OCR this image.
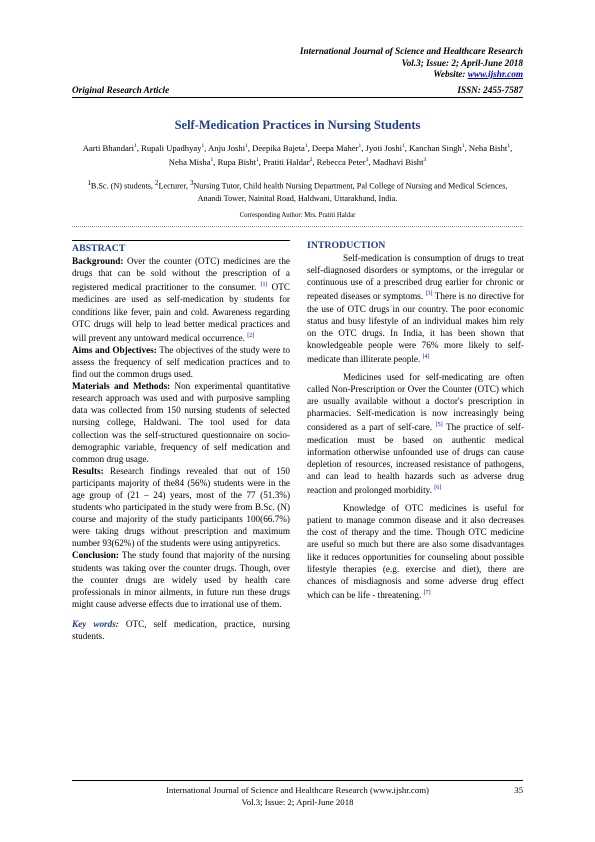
International Journal of Science and Healthcare Research
Vol.3; Issue: 2; April-June 2018
Website: www.ijshr.com
Original Research Article	ISSN: 2455-7587
Self-Medication Practices in Nursing Students
Aarti Bhandari$^1$, Rupali Upadhyay$^1$, Anju Joshi$^1$, Deepika Bajeta$^1$, Deepa Maher$^1$, Jyoti Joshi$^1$, Kanchan Singh$^1$, Neha Bisht$^1$, Neha Misha$^1$, Rupa Bisht$^1$, Pratiti Haldar$^2$, Rebecca Peter$^3$, Madhavi Bisht$^3$
$^1$B.Sc. (N) students, $^2$Lecturer, $^3$Nursing Tutor, Child health Nursing Department, Pal College of Nursing and Medical Sciences, Anandi Tower, Nainital Road, Haldwani, Uttarakhand, India.
Corresponding Author: Mrs. Pratiti Haldar

ABSTRACT

Background: Over the counter (OTC) medicines are the drugs that can be sold without the prescription of a registered medical practitioner to the consumer. [1] OTC medicines are used as self-medication by students for conditions like fever, pain and cold. Awareness regarding OTC drugs will help to lead better medical practices and will prevent any untoward medical occurrence. [2]

Aims and Objectives: The objectives of the study were to assess the frequency of self medication practices and to find out the common drugs used.

Materials and Methods: Non experimental quantitative research approach was used and with purposive sampling data was collected from 150 nursing students of selected nursing college, Haldwani. The tool used for data collection was the self-structured questionnaire on socio-demographic variable, frequency of self medication and common drug usage.

Results: Research findings revealed that out of 150 participants majority of the84 (56%) students were in the age group of (21 – 24) years, most of the 77 (51.3%) students who participated in the study were from B.Sc. (N) course and majority of the study participants 100(66.7%) were taking drugs without prescription and maximum number 93(62%) of the students were using antipyretics.

Conclusion: The study found that majority of the nursing students was taking over the counter drugs. Though, over the counter drugs are widely used by health care professionals in minor ailments, in future run these drugs might cause adverse effects due to irrational use of them.

Key words: OTC, self medication, practice, nursing students.

INTRODUCTION

Self-medication is consumption of drugs to treat self-diagnosed disorders or symptoms, or the irregular or continuous use of a prescribed drug earlier for chronic or repeated diseases or symptoms. [3] There is no directive for the use of OTC drugs in our country. The poor economic status and busy lifestyle of an individual makes him rely on the OTC drugs. In India, it has been shown that knowledgeable people were 76% more likely to self- medicate than illiterate people. [4]

Medicines used for self-medicating are often called Non-Prescription or Over the Counter (OTC) which are usually available without a doctor's prescription in pharmacies. Self-medication is now increasingly being considered as a part of self-care. [5] The practice of self-medication must be based on authentic medical information otherwise unfounded use of drugs can cause depletion of resources, increased resistance of pathogens, and can lead to health hazards such as adverse drug reaction and prolonged morbidity. [6]

Knowledge of OTC medicines is useful for patient to manage common disease and it also decreases the cost of therapy and the time. Though OTC medicine are useful so much but there are also some disadvantages like it reduces opportunities for counseling about possible lifestyle therapies (e.g. exercise and diet), there are chances of misdiagnosis and some adverse drug effect which can be life - threatening. [7]

International Journal of Science and Healthcare Research (www.ijshr.com)
Vol.3; Issue: 2; April-June 2018
35
